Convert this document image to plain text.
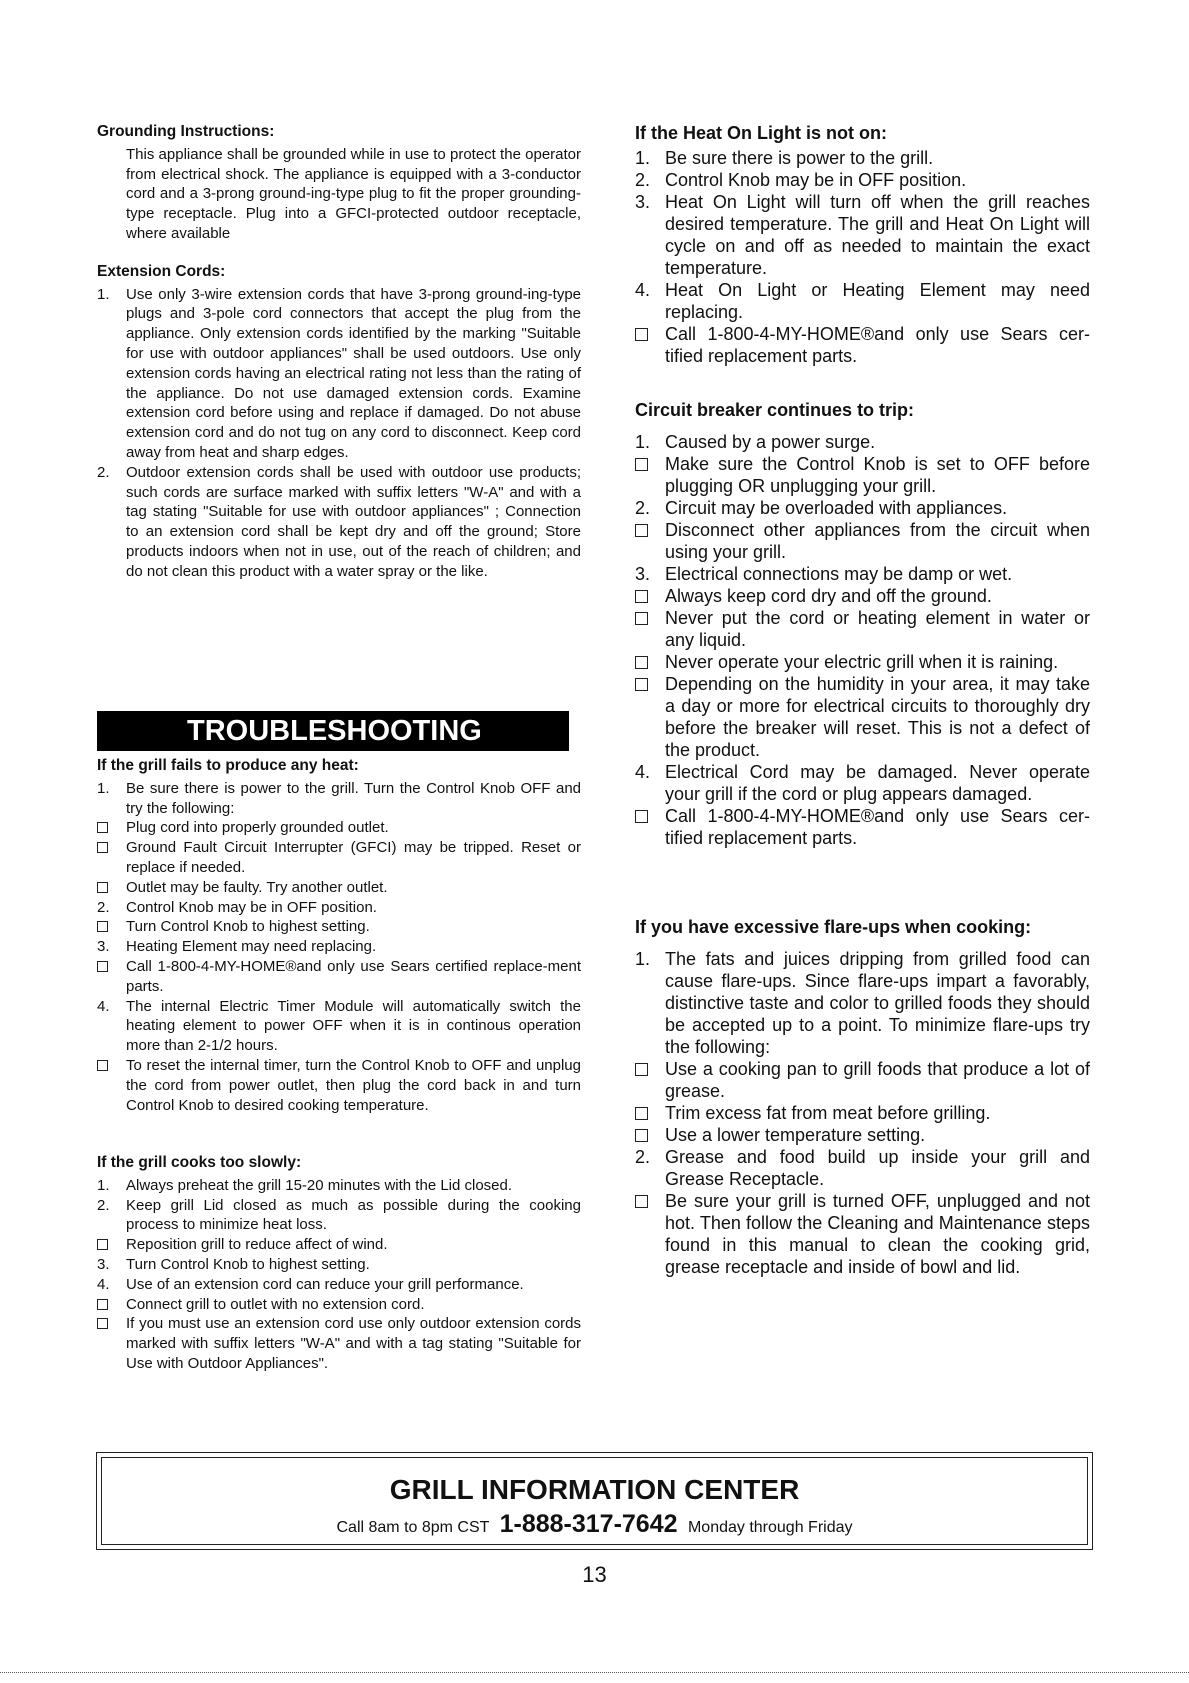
Grounding Instructions:

This appliance shall be grounded while in use to protect the operator from electrical shock. The appliance is equipped with a 3-conductor cord and a 3-prong ground-ing-type plug to fit the proper grounding-type receptacle. Plug into a GFCI-protected outdoor receptacle, where available

Extension Cords:
1.	Use only 3-wire extension cords that have 3-prong ground-ing-type plugs and 3-pole cord connectors that accept the plug from the appliance. Only extension cords identified by the marking "Suitable for use with outdoor appliances" shall be used outdoors. Use only extension cords having an electrical rating not less than the rating of the appliance. Do not use damaged extension cords. Examine extension cord before using and replace if damaged. Do not abuse extension cord and do not tug on any cord to disconnect. Keep cord away from heat and sharp edges.
2.	Outdoor extension cords shall be used with outdoor use products; such cords are surface marked with suffix letters "W-A" and with a tag stating "Suitable for use with outdoor appliances" ; Connection to an extension cord shall be kept dry and off the ground; Store products indoors when not in use, out of the reach of children; and do not clean this product with a water spray or the like.
TROUBLESHOOTING
If the grill fails to produce any heat:
1.	Be sure there is power to the grill. Turn the Control Knob OFF and try the following:
Plug cord into properly grounded outlet.
Ground Fault Circuit Interrupter (GFCI) may be tripped. Reset or replace if needed.
Outlet may be faulty. Try another outlet.
2.	Control Knob may be in OFF position.
Turn Control Knob to highest setting.
3.	Heating Element may need replacing.
Call 1-800-4-MY-HOME®and only use Sears certified replace-ment parts.
4.	The internal Electric Timer Module will automatically switch the heating element to power OFF when it is in continous operation more than 2-1/2 hours.
To reset the internal timer, turn the Control Knob to OFF and unplug the cord from power outlet, then plug the cord back in and turn Control Knob to desired cooking temperature.
If the grill cooks too slowly:
1.	Always preheat the grill 15-20 minutes with the Lid closed.
2.	Keep grill Lid closed as much as possible during the cooking process to minimize heat loss.
Reposition grill to reduce affect of wind.
3.	Turn Control Knob to highest setting.
4.	Use of an extension cord can reduce your grill performance.
Connect grill to outlet with no extension cord.
If you must use an extension cord use only outdoor extension cords marked with suffix letters "W-A" and with a tag stating "Suitable for Use with Outdoor Appliances".
If the Heat On Light is not on:
1. Be sure there is power to the grill.
2. Control Knob may be in OFF position.
3. Heat On Light will turn off when the grill reaches desired temperature. The grill and Heat On Light will cycle on and off as needed to maintain the exact temperature.
4. Heat On Light or Heating Element may need replacing.
Call 1-800-4-MY-HOME®and only use Sears cer-tified replacement parts.
Circuit breaker continues to trip:
1. Caused by a power surge.
Make sure the Control Knob is set to OFF before plugging OR unplugging your grill.
2. Circuit may be overloaded with appliances.
Disconnect other appliances from the circuit when using your grill.
3. Electrical connections may be damp or wet.
Always keep cord dry and off the ground.
Never put the cord or heating element in water or any liquid.
Never operate your electric grill when it is raining.
Depending on the humidity in your area, it may take a day or more for electrical circuits to thoroughly dry before the breaker will reset. This is not a defect of the product.
4. Electrical Cord may be damaged. Never operate your grill if the cord or plug appears damaged.
Call 1-800-4-MY-HOME®and only use Sears cer-tified replacement parts.
If you have excessive flare-ups when cooking:
1. The fats and juices dripping from grilled food can cause flare-ups. Since flare-ups impart a favorably, distinctive taste and color to grilled foods they should be accepted up to a point. To minimize flare-ups try the following:
Use a cooking pan to grill foods that produce a lot of grease.
Trim excess fat from meat before grilling.
Use a lower temperature setting.
2. Grease and food build up inside your grill and Grease Receptacle.
Be sure your grill is turned OFF, unplugged and not hot. Then follow the Cleaning and Maintenance steps found in this manual to clean the cooking grid, grease receptacle and inside of bowl and lid.
GRILL INFORMATION CENTER
Call 8am to 8pm CST 1-888-317-7642 Monday through Friday
13
